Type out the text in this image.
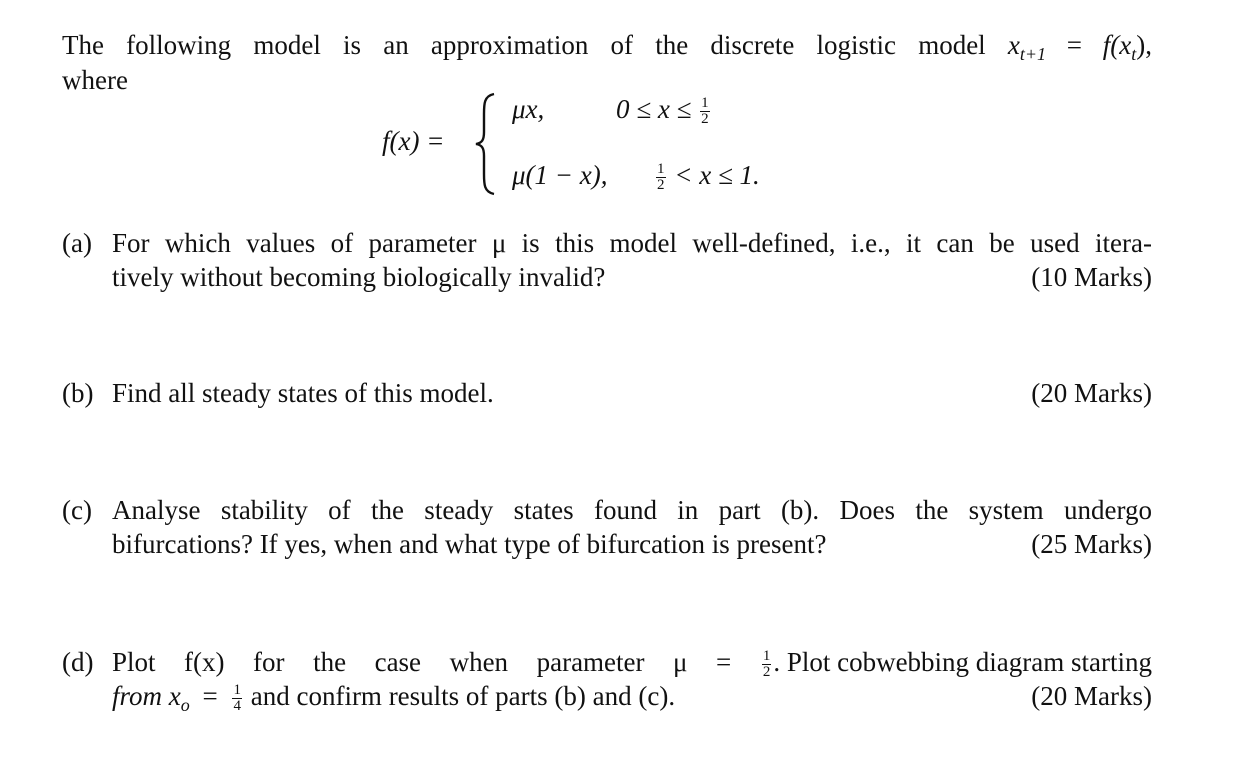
The following model is an approximation of the discrete logistic model $x_{t+1} = f(x_t)$,
where
f(x) =
μx,	$0 \le x \le \frac{1}{2}$
μ(1 − x),	$\frac{1}{2} < x \le 1$.
(a) For which values of parameter μ is this model well-defined, i.e., it can be used itera-
tively without becoming biologically invalid?	(10 Marks)
(b) Find all steady states of this model.	(20 Marks)
(c) Analyse stability of the steady states found in part (b). Does the system undergo
bifurcations? If yes, when and what type of bifurcation is present?	(25 Marks)
(d) Plot f(x) for the case when parameter $\mu = \frac{1}{2}$ . Plot cobwebbing diagram starting
from $x_o = \frac{1}{4}$ and confirm results of parts (b) and (c).	(20 Marks)
